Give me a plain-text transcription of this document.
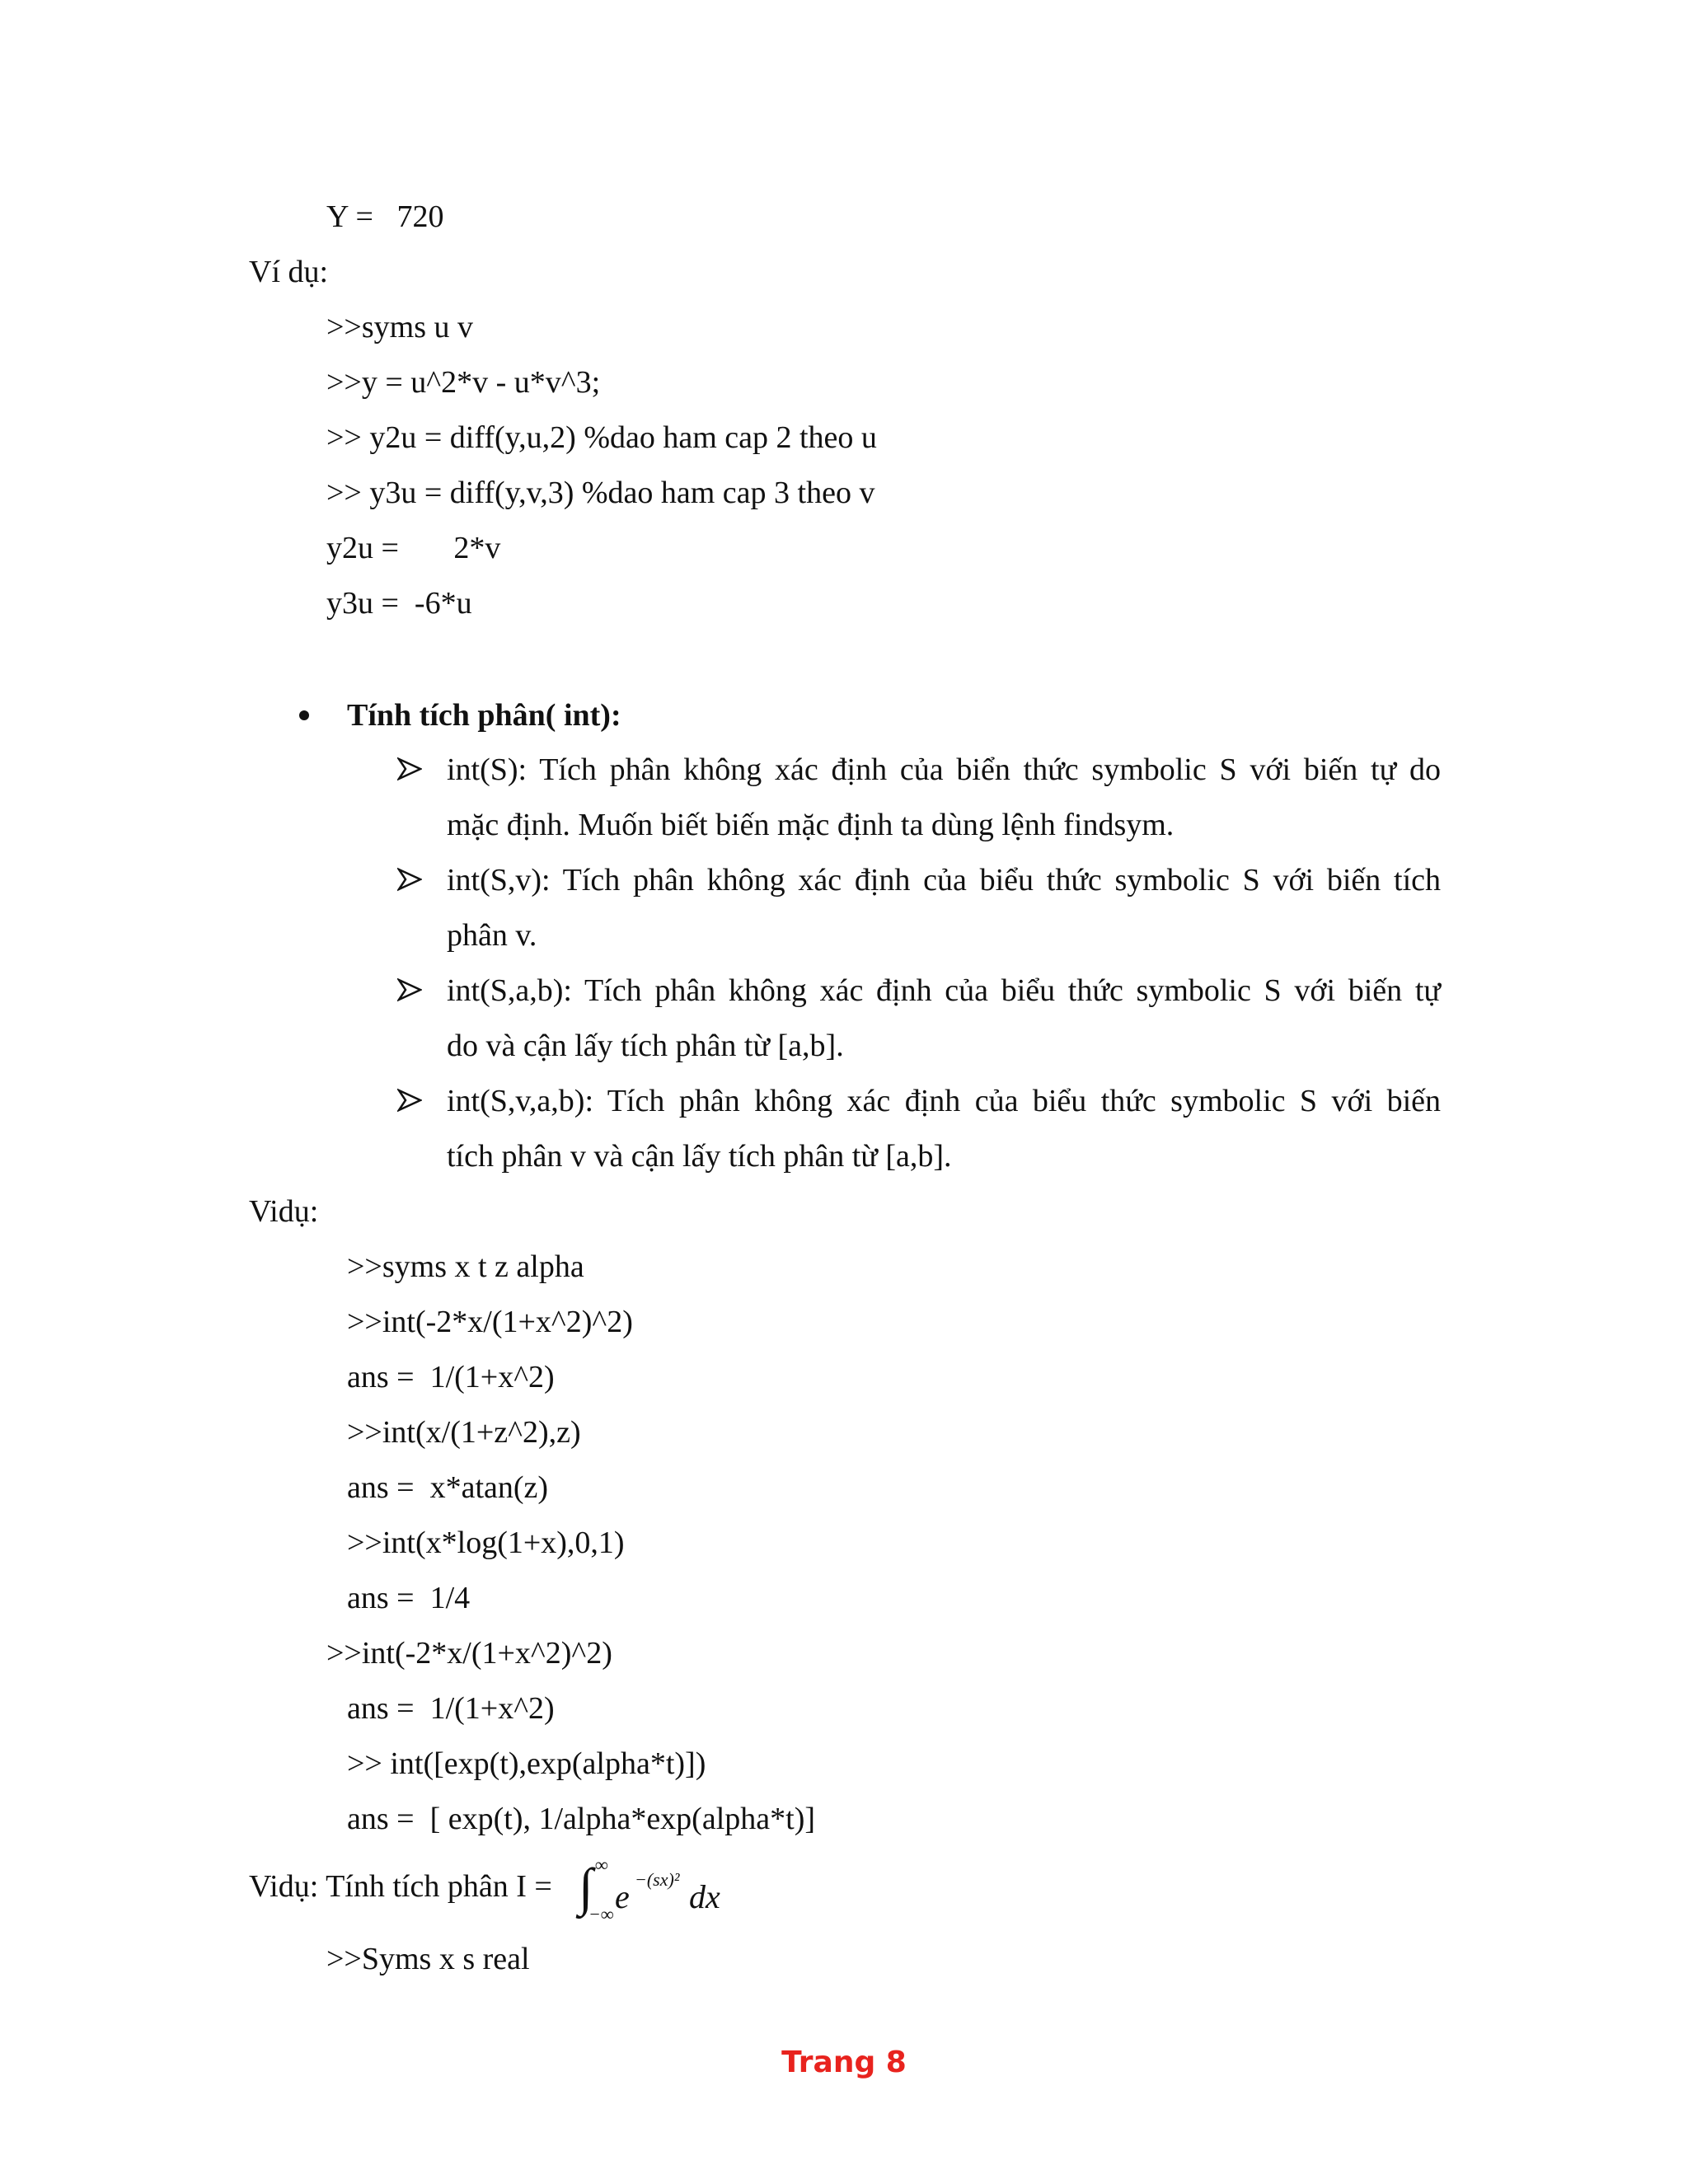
Y =   720
Ví dụ:
>>syms u v
>>y = u^2*v - u*v^3;
>> y2u = diff(y,u,2) %dao ham cap 2 theo u
>> y3u = diff(y,v,3) %dao ham cap 3 theo v
y2u =       2*v
y3u =  -6*u
Tính tích phân( int):
int(S): Tích phân không xác định của biển thức symbolic S với biến tự do
mặc định. Muốn biết biến mặc định ta dùng lệnh findsym.
int(S,v): Tích phân không xác định của biểu thức symbolic S với biến tích
phân v.
int(S,a,b): Tích phân không xác định của biểu thức symbolic S với biến tự
do và cận lấy tích phân từ [a,b].
int(S,v,a,b): Tích phân không xác định của biểu thức symbolic S với biến
tích phân v và cận lấy tích phân từ [a,b].
Vidụ:
>>syms x t z alpha
>>int(-2*x/(1+x^2)^2)
ans =  1/(1+x^2)
>>int(x/(1+z^2),z)
ans =  x*atan(z)
>>int(x*log(1+x),0,1)
ans =  1/4
>>int(-2*x/(1+x^2)^2)
ans =  1/(1+x^2)
>> int([exp(t),exp(alpha*t)])
ans =  [ exp(t), 1/alpha*exp(alpha*t)]
Vidụ: Tính tích phân I = ∫ ∞
−∞ e −(sx)² dx
>>Syms x s real
Trang 8
